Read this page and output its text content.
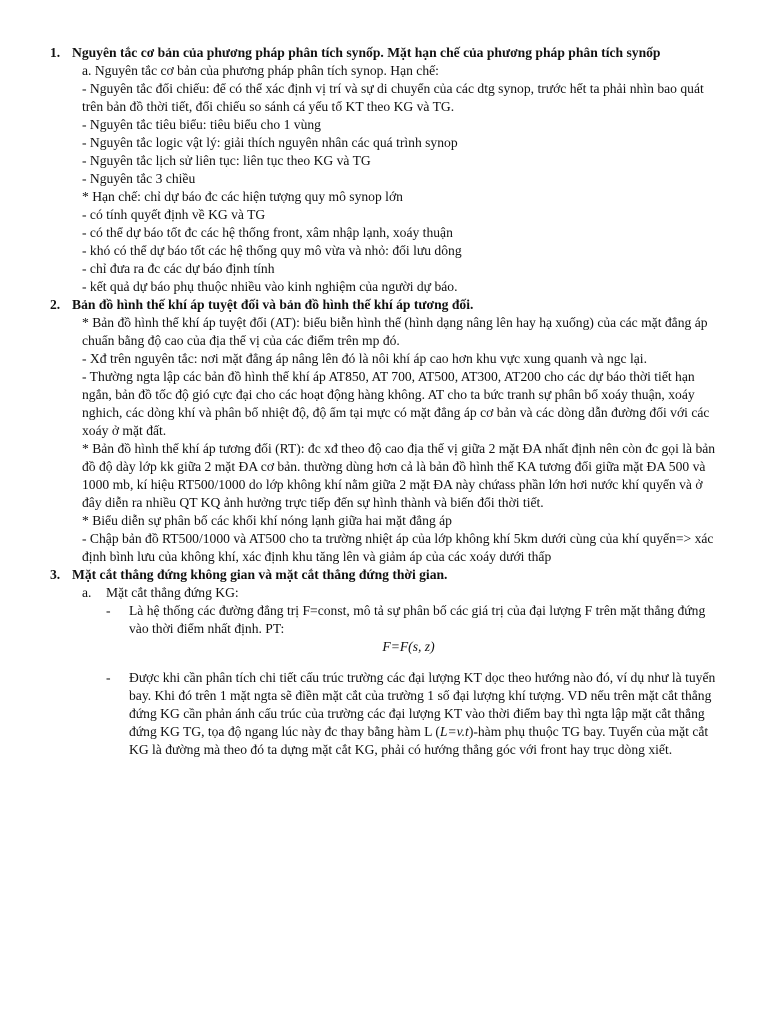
1. Nguyên tắc cơ bản của phương pháp phân tích synốp. Mặt hạn chế của phương pháp phân tích synốp
a. Nguyên tắc cơ bản của phương pháp phân tích synop. Hạn chế:
- Nguyên tắc đối chiếu: để có thể xác định vị trí và sự di chuyển của các dtg synop, trước hết ta phải nhìn bao quát trên bản đồ thời tiết, đối chiếu so sánh cá yếu tố KT theo KG và TG.
- Nguyên tắc tiêu biểu: tiêu biểu cho 1 vùng
- Nguyên tắc logic vật lý: giải thích nguyên nhân các quá trình synop
- Nguyên tắc lịch sử liên tục: liên tục theo KG và TG
- Nguyên tắc 3 chiều
* Hạn chế: chỉ dự báo đc các hiện tượng quy mô synop lớn
- có tính quyết định về KG và TG
- có thể dự báo tốt đc các hệ thống front, xâm nhập lạnh, xoáy thuận
- khó có thể dự báo tốt các hệ thống quy mô vừa và nhỏ: đối lưu dông
- chỉ đưa ra đc các dự báo định tính
- kết quả dự báo phụ thuộc nhiều vào kinh nghiệm của người dự báo.
2. Bản đồ hình thế khí áp tuyệt đối và bản đồ hình thế khí áp tương đối.
* Bản đồ hình thế khí áp tuyệt đối (AT): biểu biễn hình thế (hình dạng nâng lên hay hạ xuống) của các mặt đẳng áp chuẩn bằng độ cao của địa thế vị của các điểm trên mp đó.
- Xđ trên nguyên tắc: nơi mặt đẳng áp nâng lên đó là nôi khí áp cao hơn khu vực xung quanh và ngc lại.
- Thường ngta lập các bản đồ hình thế khí áp AT850, AT 700, AT500, AT300, AT200 cho các dự báo thời tiết hạn ngắn, bản đồ tốc độ gió cực đại cho các hoạt động hàng không. AT cho ta bức tranh sự phân bố xoáy thuận, xoáy nghich, các dòng khí và phân bố nhiệt độ, độ ẩm tại mực có mặt đẳng áp cơ bản và các dòng dẫn đường đối với các xoáy ở mặt đất.
* Bản đồ hình thế khí áp tương đối (RT): đc xđ theo độ cao địa thế vị giữa 2 mặt ĐA nhất định nên còn đc gọi là bản đồ độ dày lớp kk giữa 2 mặt ĐA cơ bản. thường dùng hơn cả là bản đồ hình thế KA tương đối giữa mặt ĐA 500 và 1000 mb, kí hiệu RT500/1000 do lớp không khí nằm giữa 2 mặt ĐA này chứass phần lớn hơi nước khí quyển và ở đây diễn ra nhiều QT KQ ảnh hưởng trực tiếp đến sự hình thành và biến đổi thời tiết.
* Biểu diễn sự phân bố các khối khí nóng lạnh giữa hai mặt đẳng áp
- Chập bản đồ RT500/1000 và AT500 cho ta trường nhiệt áp của lớp không khí 5km dưới cùng của khí quyển=> xác định bình lưu của không khí, xác định khu tăng lên và giảm áp của các xoáy dưới thấp
3. Mặt cắt thẳng đứng không gian và mặt cắt thẳng đứng thời gian.
a. Mặt cắt thẳng đứng KG:
- Là hệ thống các đường đẳng trị F=const, mô tả sự phân bố các giá trị của đại lượng F trên mặt thẳng đứng vào thời điểm nhất định. PT:
F=F(s, z)
- Được khi cần phân tích chi tiết cấu trúc trường các đại lượng KT dọc theo hướng nào đó, ví dụ như là tuyến bay. Khi đó trên 1 mặt ngta sẽ điền mặt cắt của trường 1 số đại lượng khí tượng. VD nếu trên mặt cắt thẳng đứng KG cần phản ánh cấu trúc của trường các đại lượng KT vào thời điểm bay thì ngta lập mặt cắt thẳng đứng KG TG, tọa độ ngang lúc này đc thay bằng hàm L (L=v.t)-hàm phụ thuộc TG bay. Tuyến của mặt cắt KG là đường mà theo đó ta dựng mặt cắt KG, phải có hướng thẳng góc với front hay trục dòng xiết.
